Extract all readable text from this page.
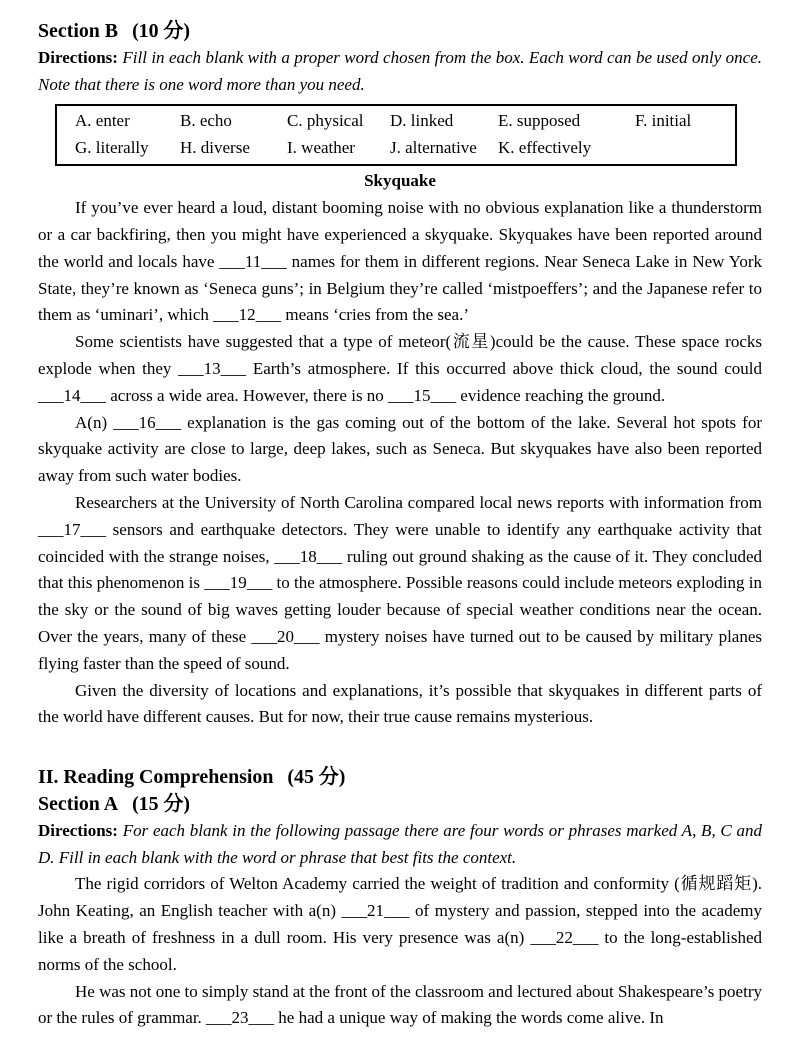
Section B (10 分)

Directions: Fill in each blank with a proper word chosen from the box. Each word can be used only once. Note that there is one word more than you need.

A. enter	B. echo	C. physical	D. linked	E. supposed	F. initial
G. literally	H. diverse	I. weather	J. alternative	K. effectively
Skyquake

If you’ve ever heard a loud, distant booming noise with no obvious explanation like a thunderstorm or a car backfiring, then you might have experienced a skyquake. Skyquakes have been reported around the world and locals have ___11___ names for them in different regions. Near Seneca Lake in New York State, they’re known as ‘Seneca guns’; in Belgium they’re called ‘mistpoeffers’; and the Japanese refer to them as ‘uminari’, which ___12___ means ‘cries from the sea.’

Some scientists have suggested that a type of meteor(流星)could be the cause. These space rocks explode when they ___13___ Earth’s atmosphere. If this occurred above thick cloud, the sound could ___14___ across a wide area. However, there is no ___15___ evidence reaching the ground.

A(n) ___16___ explanation is the gas coming out of the bottom of the lake. Several hot spots for skyquake activity are close to large, deep lakes, such as Seneca. But skyquakes have also been reported away from such water bodies.

Researchers at the University of North Carolina compared local news reports with information from ___17___ sensors and earthquake detectors. They were unable to identify any earthquake activity that coincided with the strange noises, ___18___ ruling out ground shaking as the cause of it. They concluded that this phenomenon is ___19___ to the atmosphere. Possible reasons could include meteors exploding in the sky or the sound of big waves getting louder because of special weather conditions near the ocean. Over the years, many of these ___20___ mystery noises have turned out to be caused by military planes flying faster than the speed of sound.

Given the diversity of locations and explanations, it’s possible that skyquakes in different parts of the world have different causes. But for now, their true cause remains mysterious.

II. Reading Comprehension (45 分)
Section A (15 分)

Directions: For each blank in the following passage there are four words or phrases marked A, B, C and D. Fill in each blank with the word or phrase that best fits the context.

The rigid corridors of Welton Academy carried the weight of tradition and conformity (循规蹈矩). John Keating, an English teacher with a(n) ___21___ of mystery and passion, stepped into the academy like a breath of freshness in a dull room. His very presence was a(n) ___22___ to the long-established norms of the school.

He was not one to simply stand at the front of the classroom and lectured about Shakespeare’s poetry or the rules of grammar. ___23___ he had a unique way of making the words come alive. In
